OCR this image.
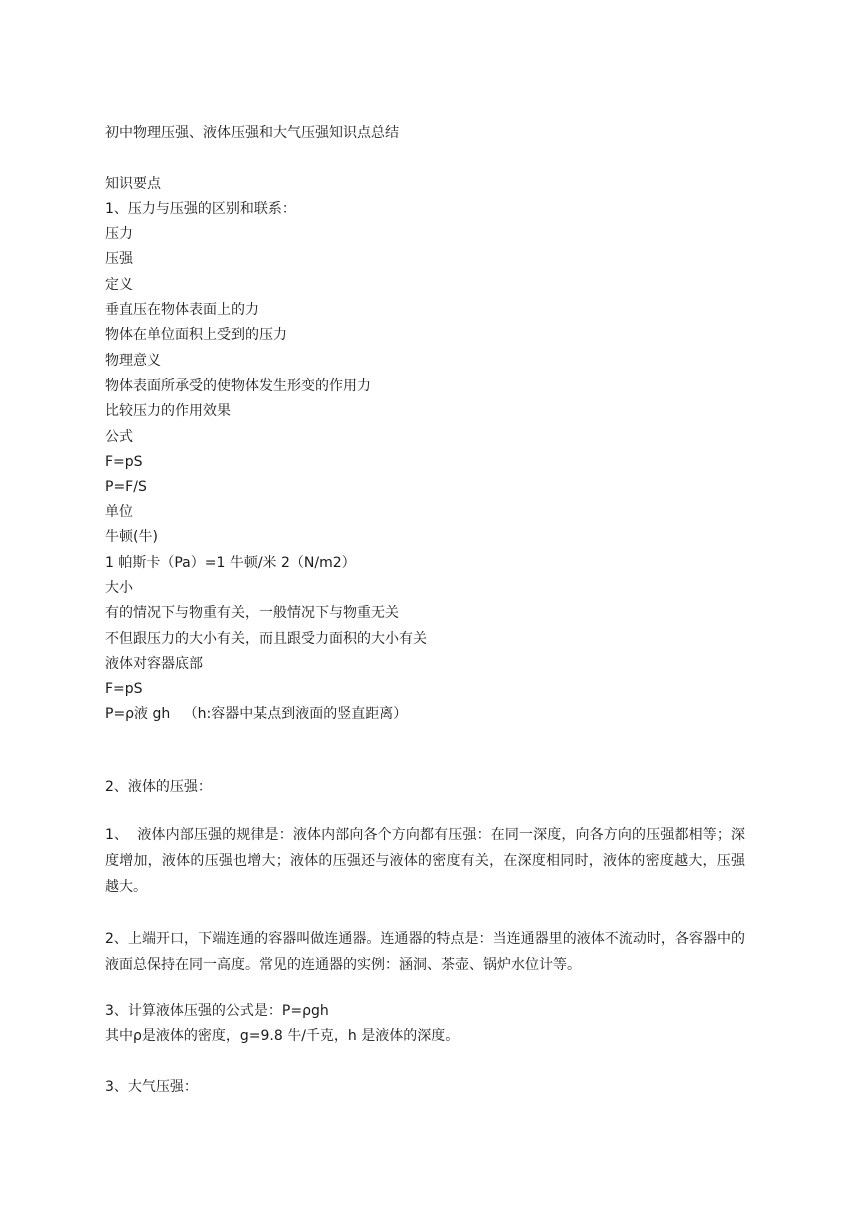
初中物理压强、液体压强和大气压强知识点总结
知识要点
1、压力与压强的区别和联系：
压力
压强
定义
垂直压在物体表面上的力
物体在单位面积上受到的压力
物理意义
物体表面所承受的使物体发生形变的作用力
比较压力的作用效果
公式
F=pS
P=F/S
单位
牛顿(牛)
1 帕斯卡（Pa）=1 牛顿/米 2（N/m2）
大小
有的情况下与物重有关，一般情况下与物重无关
不但跟压力的大小有关，而且跟受力面积的大小有关
液体对容器底部
F=pS
P=ρ液 gh   （h:容器中某点到液面的竖直距离）
2、液体的压强：
1、  液体内部压强的规律是：液体内部向各个方向都有压强：在同一深度，向各方向的压强都相等；深度增加，液体的压强也增大；液体的压强还与液体的密度有关，在深度相同时，液体的密度越大，压强越大。
2、上端开口，下端连通的容器叫做连通器。连通器的特点是：当连通器里的液体不流动时，各容器中的液面总保持在同一高度。常见的连通器的实例：涵洞、茶壶、锅炉水位计等。
3、计算液体压强的公式是：P=ρgh
其中ρ是液体的密度，g=9.8 牛/千克，h 是液体的深度。
3、大气压强：
